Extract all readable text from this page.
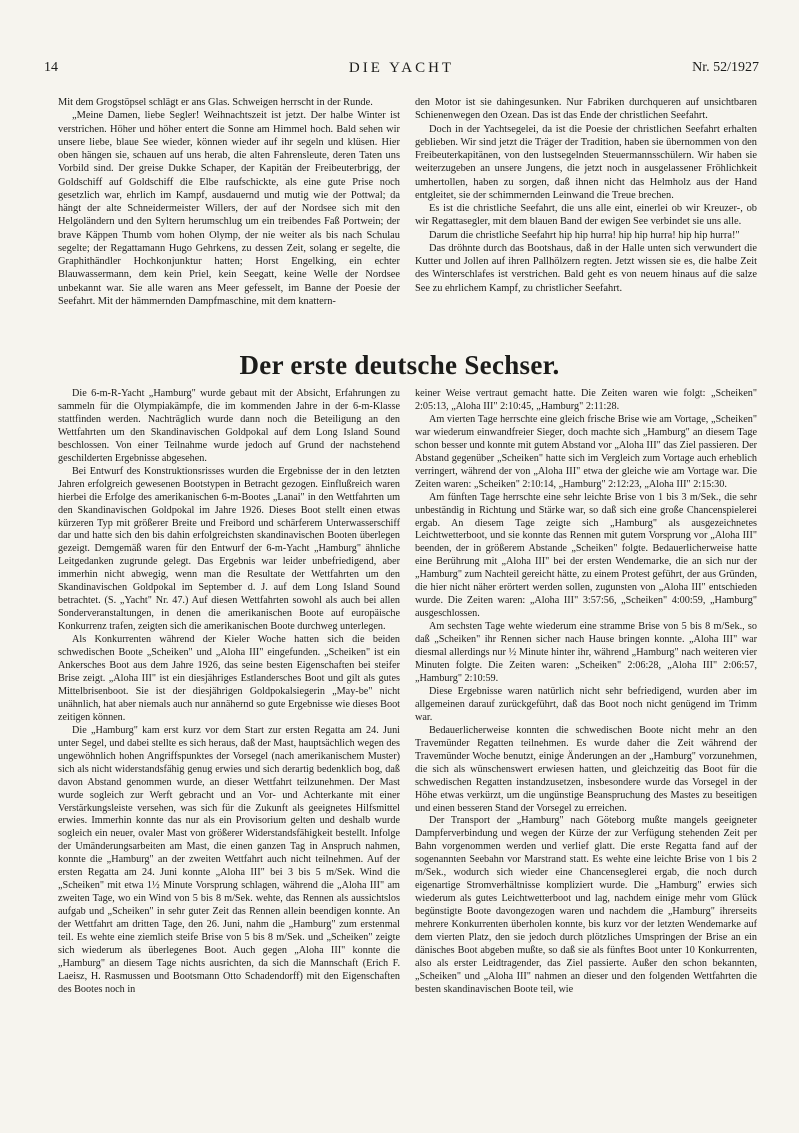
14	DIE YACHT	Nr. 52/1927

Mit dem Grogstöpsel schlägt er ans Glas. Schweigen herrscht in der Runde.

„Meine Damen, liebe Segler! Weihnachtszeit ist jetzt. Der halbe Winter ist verstrichen. Höher und höher entert die Sonne am Himmel hoch. Bald sehen wir unsere liebe, blaue See wieder, können wieder auf ihr segeln und klüsen. Hier oben hängen sie, schauen auf uns herab, die alten Fahrensleute, deren Taten uns Vorbild sind. Der greise Dukke Schaper, der Kapitän der Freibeuterbrigg, der Goldschiff auf Goldschiff die Elbe raufschickte, als eine gute Prise noch gesetzlich war, ehrlich im Kampf, ausdauernd und mutig wie der Pottwal; da hängt der alte Schneidermeister Willers, der auf der Nordsee sich mit den Helgoländern und den Syltern herumschlug um ein treibendes Faß Portwein; der brave Käppen Thumb vom hohen Olymp, der nie weiter als bis nach Schulau segelte; der Regattamann Hugo Gehrkens, zu dessen Zeit, solang er segelte, die Graphithändler Hochkonjunktur hatten; Horst Engelking, ein echter Blauwassermann, dem kein Priel, kein Seegatt, keine Welle der Nordsee unbekannt war. Sie alle waren ans Meer gefesselt, im Banne der Poesie der Seefahrt. Mit der hämmernden Dampfmaschine, mit dem knattern-

den Motor ist sie dahingesunken. Nur Fabriken durchqueren auf unsichtbaren Schienenwegen den Ozean. Das ist das Ende der christlichen Seefahrt.

Doch in der Yachtsegelei, da ist die Poesie der christlichen Seefahrt erhalten geblieben. Wir sind jetzt die Träger der Tradition, haben sie übernommen von den Freibeuterkapitänen, von den lustsegelnden Steuermannsschülern. Wir haben sie weiterzugeben an unsere Jungens, die jetzt noch in ausgelassener Fröhlichkeit umhertollen, haben zu sorgen, daß ihnen nicht das Helmholz aus der Hand entgleitet, sie der schimmernden Leinwand die Treue brechen.

Es ist die christliche Seefahrt, die uns alle eint, einerlei ob wir Kreuzer-, ob wir Regattasegler, mit dem blauen Band der ewigen See verbindet sie uns alle.

Darum die christliche Seefahrt hip hip hurra! hip hip hurra! hip hip hurra!"

Das dröhnte durch das Bootshaus, daß in der Halle unten sich verwundert die Kutter und Jollen auf ihren Pallhölzern regten. Jetzt wissen sie es, die halbe Zeit des Winterschlafes ist verstrichen. Bald geht es von neuem hinaus auf die salze See zu ehrlichem Kampf, zu christlicher Seefahrt.

Der erste deutsche Sechser.

Die 6-m-R-Yacht „Hamburg" wurde gebaut mit der Absicht, Erfahrungen zu sammeln für die Olympiakämpfe, die im kommenden Jahre in der 6-m-Klasse stattfinden werden. Nachträglich wurde dann noch die Beteiligung an den Wettfahrten um den Skandinavischen Goldpokal auf dem Long Island Sound beschlossen. Von einer Teilnahme wurde jedoch auf Grund der nachstehend geschilderten Ergebnisse abgesehen.

Bei Entwurf des Konstruktionsrisses wurden die Ergebnisse der in den letzten Jahren erfolgreich gewesenen Bootstypen in Betracht gezogen. Einflußreich waren hierbei die Erfolge des amerikanischen 6-m-Bootes „Lanai" in den Wettfahrten um den Skandinavischen Goldpokal im Jahre 1926. Dieses Boot stellt einen etwas kürzeren Typ mit größerer Breite und Freibord und schärferem Unterwasserschiff dar und hatte sich den bis dahin erfolgreichsten skandinavischen Booten überlegen gezeigt. Demgemäß waren für den Entwurf der 6-m-Yacht „Hamburg" ähnliche Leitgedanken zugrunde gelegt. Das Ergebnis war leider unbefriedigend, aber immerhin nicht abwegig, wenn man die Resultate der Wettfahrten um den Skandinavischen Goldpokal im September d. J. auf dem Long Island Sound betrachtet. (S. „Yacht" Nr. 47.) Auf diesen Wettfahrten sowohl als auch bei allen Sonderveranstaltungen, in denen die amerikanischen Boote auf europäische Konkurrenz trafen, zeigten sich die amerikanischen Boote durchweg unterlegen.

Als Konkurrenten während der Kieler Woche hatten sich die beiden schwedischen Boote „Scheiken" und „Aloha III" eingefunden. „Scheiken" ist ein Ankersches Boot aus dem Jahre 1926, das seine besten Eigenschaften bei steifer Brise zeigt. „Aloha III" ist ein diesjähriges Estlandersches Boot und gilt als gutes Mittelbrisenboot. Sie ist der diesjährigen Goldpokalsiegerin „May-be" nicht unähnlich, hat aber niemals auch nur annähernd so gute Ergebnisse wie dieses Boot zeitigen können.

Die „Hamburg" kam erst kurz vor dem Start zur ersten Regatta am 24. Juni unter Segel, und dabei stellte es sich heraus, daß der Mast, hauptsächlich wegen des ungewöhnlich hohen Angriffspunktes der Vorsegel (nach amerikanischem Muster) sich als nicht widerstandsfähig genug erwies und sich derartig bedenklich bog, daß davon Abstand genommen wurde, an dieser Wettfahrt teilzunehmen. Der Mast wurde sogleich zur Werft gebracht und an Vor- und Achterkante mit einer Verstärkungsleiste versehen, was sich für die Zukunft als geeignetes Hilfsmittel erwies. Immerhin konnte das nur als ein Provisorium gelten und deshalb wurde sogleich ein neuer, ovaler Mast von größerer Widerstandsfähigkeit bestellt. Infolge der Umänderungsarbeiten am Mast, die einen ganzen Tag in Anspruch nahmen, konnte die „Hamburg" an der zweiten Wettfahrt auch nicht teilnehmen. Auf der ersten Regatta am 24. Juni konnte „Aloha III" bei 3 bis 5 m/Sek. Wind die „Scheiken" mit etwa 1½ Minute Vorsprung schlagen, während die „Aloha III" am zweiten Tage, wo ein Wind von 5 bis 8 m/Sek. wehte, das Rennen als aussichtslos aufgab und „Scheiken" in sehr guter Zeit das Rennen allein beendigen konnte. An der Wettfahrt am dritten Tage, den 26. Juni, nahm die „Hamburg" zum erstenmal teil. Es wehte eine ziemlich steife Brise von 5 bis 8 m/Sek. und „Scheiken" zeigte sich wiederum als überlegenes Boot. Auch gegen „Aloha III" konnte die „Hamburg" an diesem Tage nichts ausrichten, da sich die Mannschaft (Erich F. Laeisz, H. Rasmussen und Bootsmann Otto Schadendorff) mit den Eigenschaften des Bootes noch in

keiner Weise vertraut gemacht hatte. Die Zeiten waren wie folgt: „Scheiken" 2:05:13, „Aloha III" 2:10:45, „Hamburg" 2:11:28.

Am vierten Tage herrschte eine gleich frische Brise wie am Vortage, „Scheiken" war wiederum einwandfreier Sieger, doch machte sich „Hamburg" an diesem Tage schon besser und konnte mit gutem Abstand vor „Aloha III" das Ziel passieren. Der Abstand gegenüber „Scheiken" hatte sich im Vergleich zum Vortage auch erheblich verringert, während der von „Aloha III" etwa der gleiche wie am Vortage war. Die Zeiten waren: „Scheiken" 2:10:14, „Hamburg" 2:12:23, „Aloha III" 2:15:30.

Am fünften Tage herrschte eine sehr leichte Brise von 1 bis 3 m/Sek., die sehr unbeständig in Richtung und Stärke war, so daß sich eine große Chancenspielerei ergab. An diesem Tage zeigte sich „Hamburg" als ausgezeichnetes Leichtwetterboot, und sie konnte das Rennen mit gutem Vorsprung vor „Aloha III" beenden, der in größerem Abstande „Scheiken" folgte. Bedauerlicherweise hatte eine Berührung mit „Aloha III" bei der ersten Wendemarke, die an sich nur der „Hamburg" zum Nachteil gereicht hätte, zu einem Protest geführt, der aus Gründen, die hier nicht näher erörtert werden sollen, zugunsten von „Aloha III" entschieden wurde. Die Zeiten waren: „Aloha III" 3:57:56, „Scheiken" 4:00:59, „Hamburg" ausgeschlossen.

Am sechsten Tage wehte wiederum eine stramme Brise von 5 bis 8 m/Sek., so daß „Scheiken" ihr Rennen sicher nach Hause bringen konnte. „Aloha III" war diesmal allerdings nur ½ Minute hinter ihr, während „Hamburg" nach weiteren vier Minuten folgte. Die Zeiten waren: „Scheiken" 2:06:28, „Aloha III" 2:06:57, „Hamburg" 2:10:59.

Diese Ergebnisse waren natürlich nicht sehr befriedigend, wurden aber im allgemeinen darauf zurückgeführt, daß das Boot noch nicht genügend im Trimm war.

Bedauerlicherweise konnten die schwedischen Boote nicht mehr an den Travemünder Regatten teilnehmen. Es wurde daher die Zeit während der Travemünder Woche benutzt, einige Änderungen an der „Hamburg" vorzunehmen, die sich als wünschenswert erwiesen hatten, und gleichzeitig das Boot für die schwedischen Regatten instandzusetzen, insbesondere wurde das Vorsegel in der Höhe etwas verkürzt, um die ungünstige Beanspruchung des Mastes zu beseitigen und einen besseren Stand der Vorsegel zu erreichen.

Der Transport der „Hamburg" nach Göteborg mußte mangels geeigneter Dampferverbindung und wegen der Kürze der zur Verfügung stehenden Zeit per Bahn vorgenommen werden und verlief glatt. Die erste Regatta fand auf der sogenannten Seebahn vor Marstrand statt. Es wehte eine leichte Brise von 1 bis 2 m/Sek., wodurch sich wieder eine Chancenseglerei ergab, die noch durch eigenartige Stromverhältnisse kompliziert wurde. Die „Hamburg" erwies sich wiederum als gutes Leichtwetterboot und lag, nachdem einige mehr vom Glück begünstigte Boote davongezogen waren und nachdem die „Hamburg" ihrerseits mehrere Konkurrenten überholen konnte, bis kurz vor der letzten Wendemarke auf dem vierten Platz, den sie jedoch durch plötzliches Umspringen der Brise an ein dänisches Boot abgeben mußte, so daß sie als fünftes Boot unter 10 Konkurrenten, also als erster Leidtragender, das Ziel passierte. Außer den schon bekannten, „Scheiken" und „Aloha III" nahmen an dieser und den folgenden Wettfahrten die besten skandinavischen Boote teil, wie
